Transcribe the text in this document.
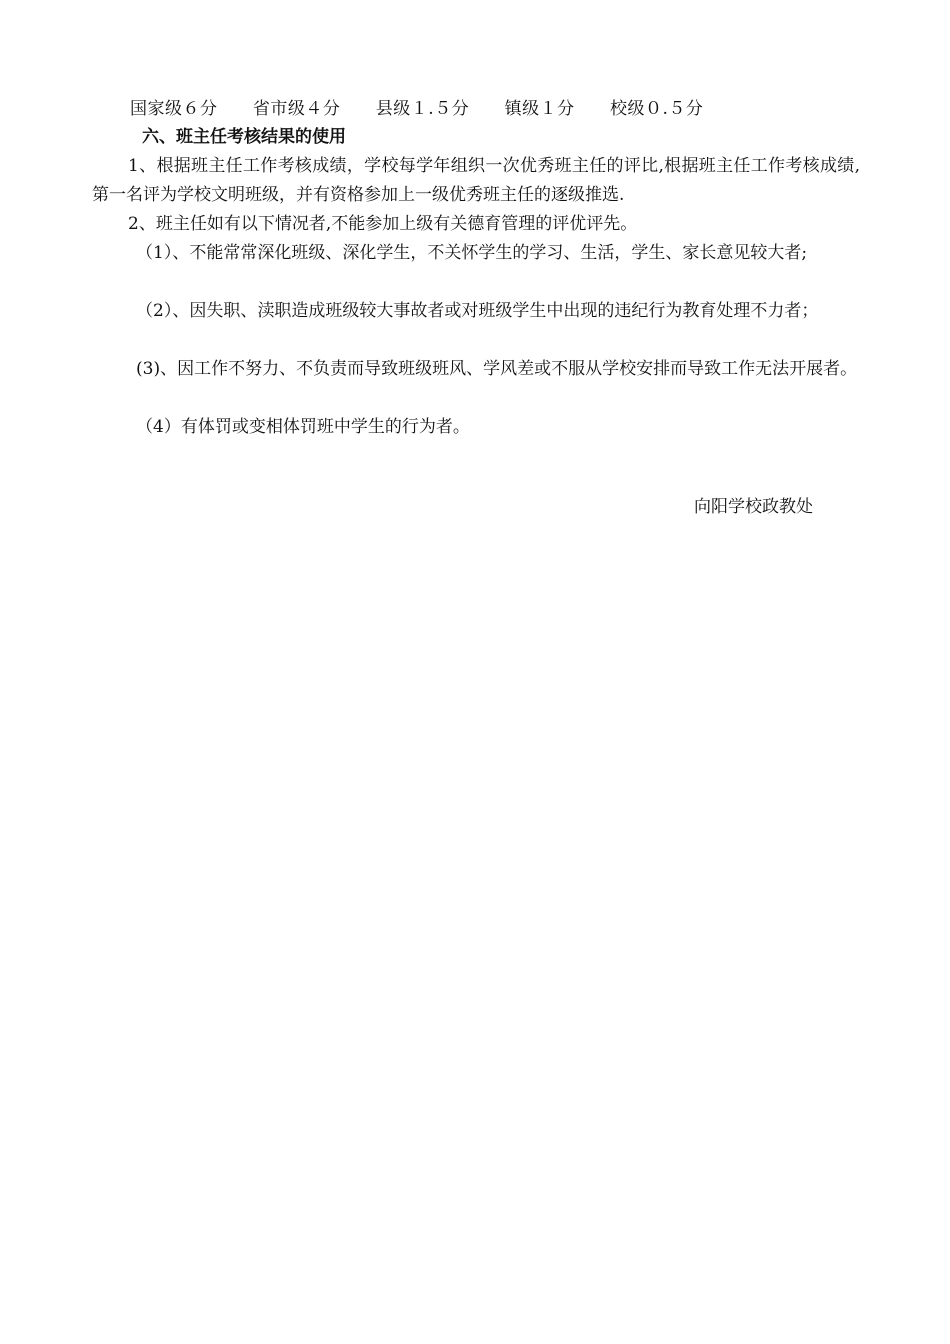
国家级６分 省市级４分 县级１.５分 镇级１分 校级０.５分
六、班主任考核结果的使用

1、根据班主任工作考核成绩，学校每学年组织一次优秀班主任的评比,根据班主任工作考核成绩,第一名评为学校文明班级，并有资格参加上一级优秀班主任的逐级推选.

2、班主任如有以下情况者,不能参加上级有关德育管理的评优评先。

（1）、不能常常深化班级、深化学生，不关怀学生的学习、生活，学生、家长意见较大者;

（2）、因失职、渎职造成班级较大事故者或对班级学生中出现的违纪行为教育处理不力者；

(3)、因工作不努力、不负责而导致班级班风、学风差或不服从学校安排而导致工作无法开展者。

（4）有体罚或变相体罚班中学生的行为者。

向阳学校政教处
